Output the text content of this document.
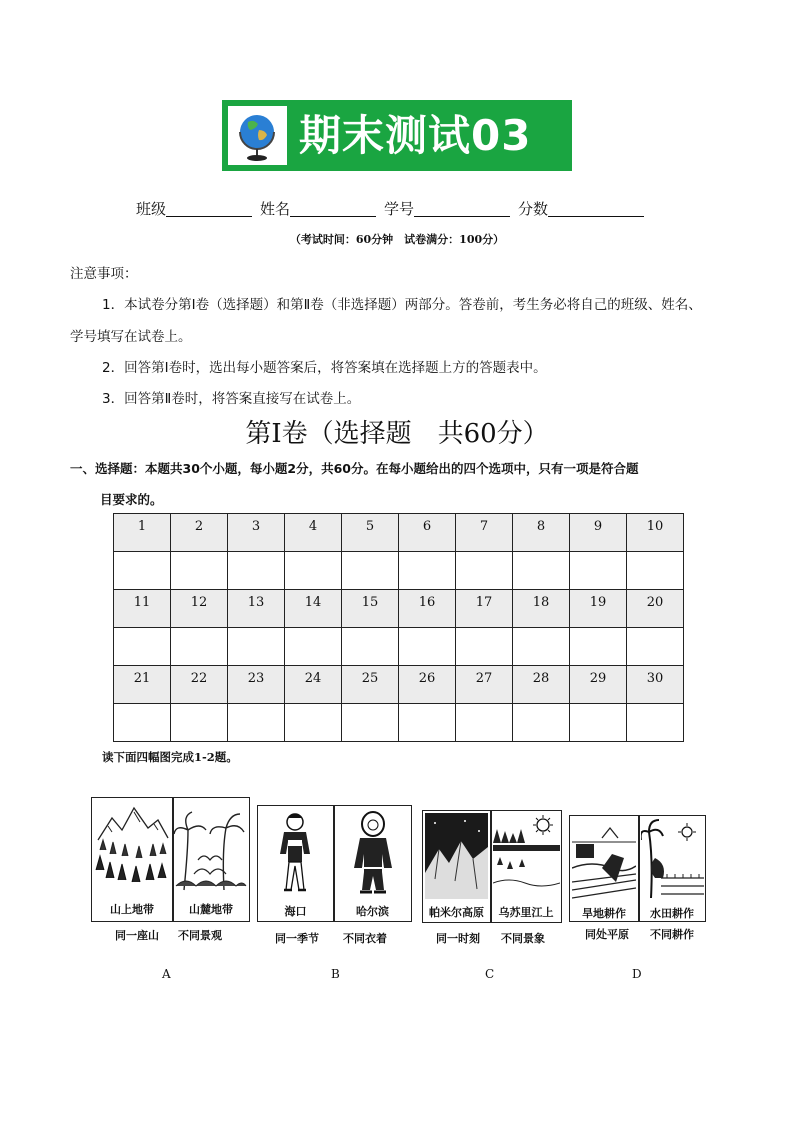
期末测试03
班级	姓名	学号	分数
（考试时间：60分钟　试卷满分：100分）
注意事项：
1．本试卷分第Ⅰ卷（选择题）和第Ⅱ卷（非选择题）两部分。答卷前，考生务必将自己的班级、姓名、
学号填写在试卷上。
2．回答第Ⅰ卷时，选出每小题答案后，将答案填在选择题上方的答题表中。
3．回答第Ⅱ卷时，将答案直接写在试卷上。
第Ⅰ卷（选择题　共60分）
一、选择题：本题共30个小题，每小题2分，共60分。在每小题给出的四个选项中，只有一项是符合题
目要求的。
1	2	3	4	5	6	7	8	9	10

11	12	13	14	15	16	17	18	19	20

21	22	23	24	25	26	27	28	29	30

读下面四幅图完成1-2题。
山上地带	山麓地带
同一座山 不同景观
A
海口	哈尔滨
同一季节 不同衣着
B
帕米尔高原	乌苏里江上
同一时刻 不同景象
C
旱地耕作	水田耕作
同处平原 不同耕作
D
